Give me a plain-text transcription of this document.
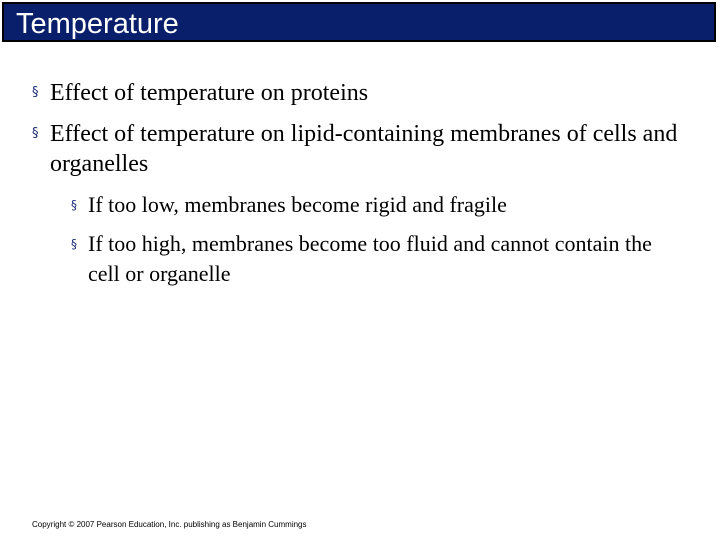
Temperature
§ Effect of temperature on proteins
§ Effect of temperature on lipid-containing membranes of cells and organelles
§ If too low, membranes become rigid and fragile
§ If too high, membranes become too fluid and cannot contain the cell or organelle
Copyright © 2007 Pearson Education, Inc. publishing as Benjamin Cummings
